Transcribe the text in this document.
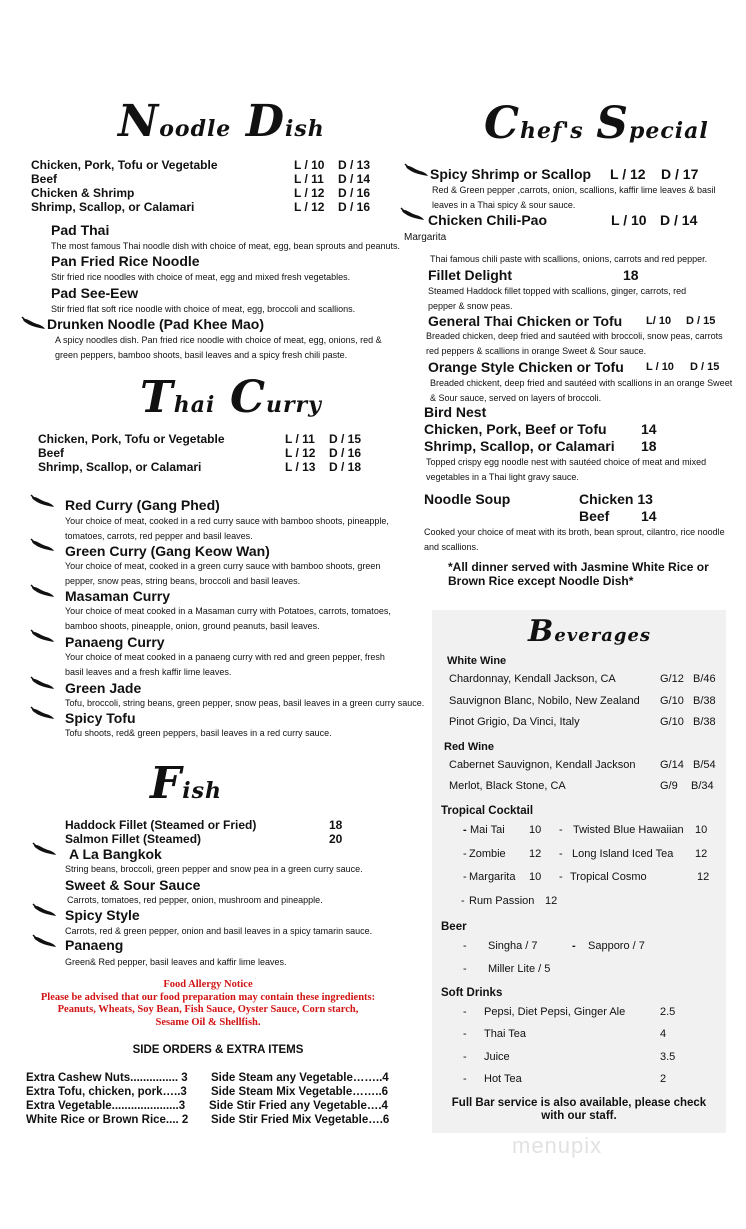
Noodle Dish
Chicken, Pork, Tofu or Vegetable	L / 10	D / 13
Beef	L / 11	D / 14
Chicken & Shrimp	L / 12	D / 16
Shrimp, Scallop, or Calamari	L / 12	D / 16
Pad Thai
The most famous Thai noodle dish with choice of meat, egg, bean sprouts and peanuts.
Pan Fried Rice Noodle
Stir fried rice noodles with choice of meat, egg and mixed fresh vegetables.
Pad See-Eew
Stir fried flat soft rice noodle with choice of meat, egg, broccoli and scallions.
Drunken Noodle (Pad Khee Mao)
A spicy noodles dish. Pan fried rice noodle with choice of meat, egg, onions, red &
green peppers, bamboo shoots, basil leaves and a spicy fresh chili paste.
Thai Curry
Chicken, Pork, Tofu or Vegetable	L / 11	D / 15
Beef	L / 12	D / 16
Shrimp, Scallop, or Calamari	L / 13	D / 18
Red Curry (Gang Phed)
Your choice of meat, cooked in a red curry sauce with bamboo shoots, pineapple,
tomatoes, carrots, red pepper and basil leaves.
Green Curry (Gang Keow Wan)
Your choice of meat, cooked in a green curry sauce with bamboo shoots, green
pepper, snow peas, string beans, broccoli and basil leaves.
Masaman Curry
Your choice of meat cooked in a Masaman curry with Potatoes, carrots, tomatoes,
bamboo shoots, pineapple, onion, ground peanuts, basil leaves.
Panaeng Curry
Your choice of meat cooked in a panaeng curry with red and green pepper, fresh
basil leaves and a fresh kaffir lime leaves.
Green Jade
Tofu, broccoli, string beans, green pepper, snow peas, basil leaves in a green curry sauce.
Spicy Tofu
Tofu shoots, red& green peppers, basil leaves in a red curry sauce.
Fish
Haddock Fillet (Steamed or Fried)	18
Salmon Fillet (Steamed)	20
A La Bangkok
String beans, broccoli, green pepper and snow pea in a green curry sauce.
Sweet & Sour Sauce
Carrots, tomatoes, red pepper, onion, mushroom and pineapple.
Spicy Style
Carrots, red & green pepper, onion and basil leaves in a spicy tamarin sauce.
Panaeng
Green& Red pepper, basil leaves and kaffir lime leaves.
Food Allergy Notice
Please be advised that our food preparation may contain these ingredients:
Peanuts, Wheats, Soy Bean, Fish Sauce, Oyster Sauce, Corn starch,
Sesame Oil & Shellfish.
SIDE ORDERS & EXTRA ITEMS
Extra Cashew Nuts............... 3
Extra Tofu, chicken, pork…..3
Extra Vegetable.....................3
White Rice or Brown Rice.... 2
Side Steam any Vegetable……..4
Side Steam Mix Vegetable……..6
Side Stir Fried any Vegetable….4
Side Stir Fried Mix Vegetable….6
Chef's Special
Spicy Shrimp or Scallop L / 12 D / 17
Red & Green pepper ,carrots, onion, scallions, kaffir lime leaves & basil
leaves in a Thai spicy & sour sauce.
Chicken Chili-Pao	L / 10 D / 14
Margarita
Thai famous chili paste with scallions, onions, carrots and red pepper.
Fillet Delight	18
Steamed Haddock fillet topped with scallions, ginger, carrots, red
pepper & snow peas.
General Thai Chicken or Tofu L/ 10 D / 15
Breaded chicken, deep fried and sautéed with broccoli, snow peas, carrots
red peppers & scallions in orange Sweet & Sour sauce.
Orange Style Chicken or Tofu L / 10 D / 15
Breaded chickent, deep fried and sautéed with scallions in an orange Sweet
& Sour sauce, served on layers of broccoli.
Bird Nest
Chicken, Pork, Beef or Tofu 14
Shrimp, Scallop, or Calamari 18
Topped crispy egg noodle nest with sautéed choice of meat and mixed
vegetables in a Thai light gravy sauce.
Noodle Soup	Chicken 13
Beef 14
Cooked your choice of meat with its broth, bean sprout, cilantro, rice noodle
and scallions.
*All dinner served with Jasmine White Rice or
Brown Rice except Noodle Dish*
Beverages
White Wine
Chardonnay, Kendall Jackson, CA	G/12 B/46
Sauvignon Blanc, Nobilo, New Zealand G/10 B/38
Pinot Grigio, Da Vinci, Italy	G/10 B/38
Red Wine
Cabernet Sauvignon, Kendall Jackson G/14 B/54
Merlot, Black Stone, CA	G/9 B/34
Tropical Cocktail
- Mai Tai 10 - Twisted Blue Hawaiian 10
- Zombie 12 - Long Island Iced Tea 12
- Margarita 10 - Tropical Cosmo	12
- Rum Passion 12
Beer
- Singha / 7	- Sapporo / 7
- Miller Lite / 5
Soft Drinks
- Pepsi, Diet Pepsi, Ginger Ale	2.5
- Thai Tea	4
- Juice	3.5
- Hot Tea	2
Full Bar service is also available, please check
with our staff.
menupix
